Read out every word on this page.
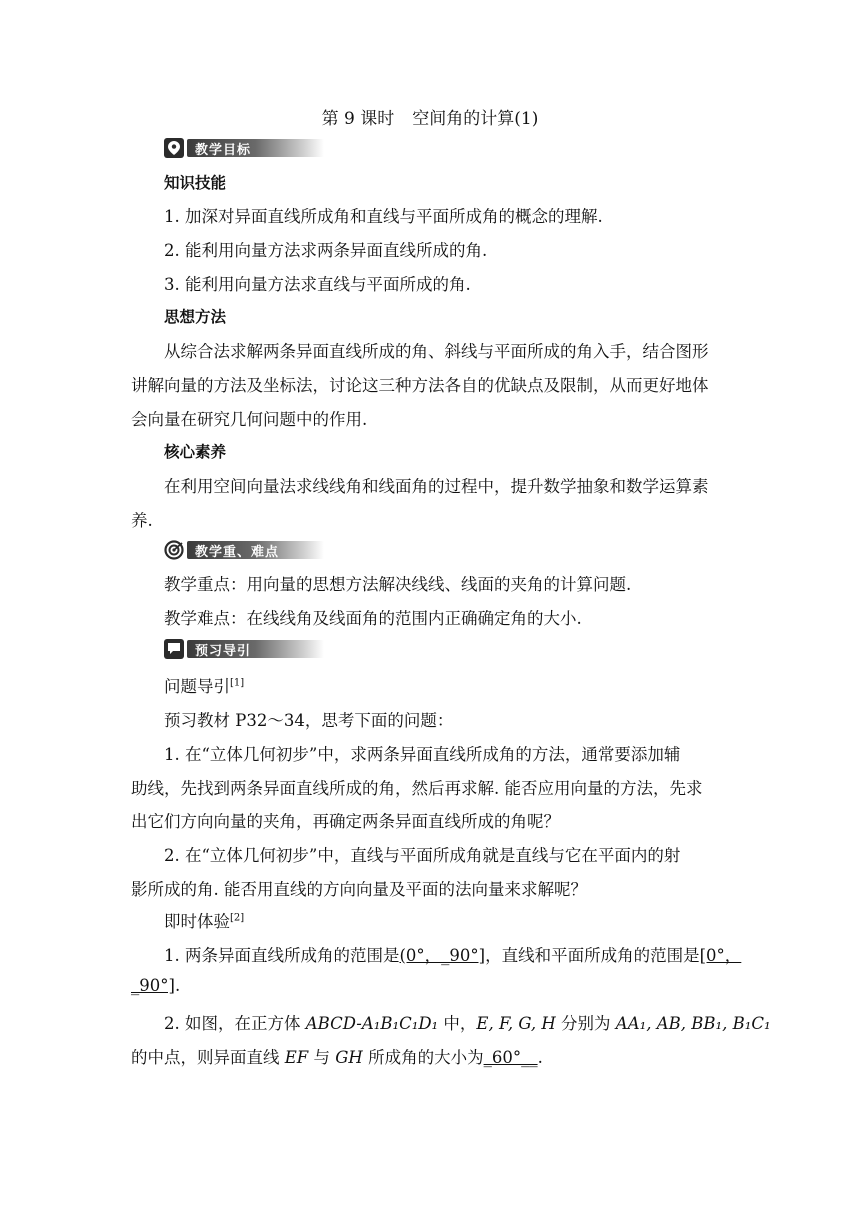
第 9 课时 空间角的计算(1)
教学目标
知识技能
1. 加深对异面直线所成角和直线与平面所成角的概念的理解.
2. 能利用向量方法求两条异面直线所成的角.
3. 能利用向量方法求直线与平面所成的角.
思想方法
从综合法求解两条异面直线所成的角、斜线与平面所成的角入手，结合图形
讲解向量的方法及坐标法，讨论这三种方法各自的优缺点及限制，从而更好地体
会向量在研究几何问题中的作用.
核心素养
在利用空间向量法求线线角和线面角的过程中，提升数学抽象和数学运算素
养.
教学重、难点
教学重点：用向量的思想方法解决线线、线面的夹角的计算问题.
教学难点：在线线角及线面角的范围内正确确定角的大小.
预习导引
问题导引[1]
预习教材 P32～34，思考下面的问题：
1. 在“立体几何初步”中，求两条异面直线所成角的方法，通常要添加辅
助线，先找到两条异面直线所成的角，然后再求解. 能否应用向量的方法，先求
出它们方向向量的夹角，再确定两条异面直线所成的角呢？
2. 在“立体几何初步”中，直线与平面所成角就是直线与它在平面内的射
影所成的角. 能否用直线的方向向量及平面的法向量来求解呢？
即时体验[2]
1. 两条异面直线所成角的范围是(0°，_90°]，直线和平面所成角的范围是[0°，
_90°].
2. 如图，在正方体 ABCD-A₁B₁C₁D₁ 中，E, F, G, H 分别为 AA₁, AB, BB₁, B₁C₁
的中点，则异面直线 EF 与 GH 所成角的大小为_60°__.
